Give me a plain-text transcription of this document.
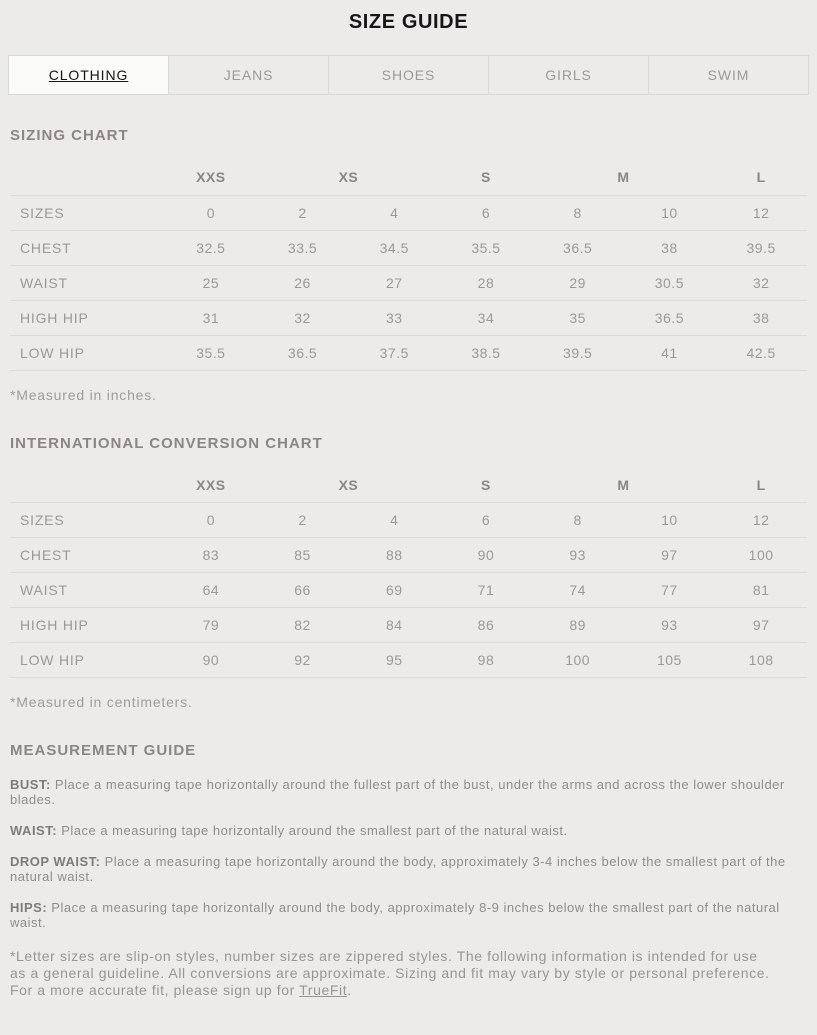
SIZE GUIDE
CLOTHING	JEANS	SHOES	GIRLS	SWIM
SIZING CHART
	XXS	XS		S	M		L
SIZES	0	2	4	6	8	10	12
CHEST	32.5	33.5	34.5	35.5	36.5	38	39.5
WAIST	25	26	27	28	29	30.5	32
HIGH HIP	31	32	33	34	35	36.5	38
LOW HIP	35.5	36.5	37.5	38.5	39.5	41	42.5

*Measured in inches.

INTERNATIONAL CONVERSION CHART
	XXS	XS		S	M		L
SIZES	0	2	4	6	8	10	12
CHEST	83	85	88	90	93	97	100
WAIST	64	66	69	71	74	77	81
HIGH HIP	79	82	84	86	89	93	97
LOW HIP	90	92	95	98	100	105	108

*Measured in centimeters.

MEASUREMENT GUIDE

BUST: Place a measuring tape horizontally around the fullest part of the bust, under the arms and across the lower shoulder blades.

WAIST: Place a measuring tape horizontally around the smallest part of the natural waist.

DROP WAIST: Place a measuring tape horizontally around the body, approximately 3-4 inches below the smallest part of the natural waist.

HIPS: Place a measuring tape horizontally around the body, approximately 8-9 inches below the smallest part of the natural waist.

*Letter sizes are slip-on styles, number sizes are zippered styles. The following information is intended for use as a general guideline. All conversions are approximate. Sizing and fit may vary by style or personal preference. For a more accurate fit, please sign up for TrueFit.
